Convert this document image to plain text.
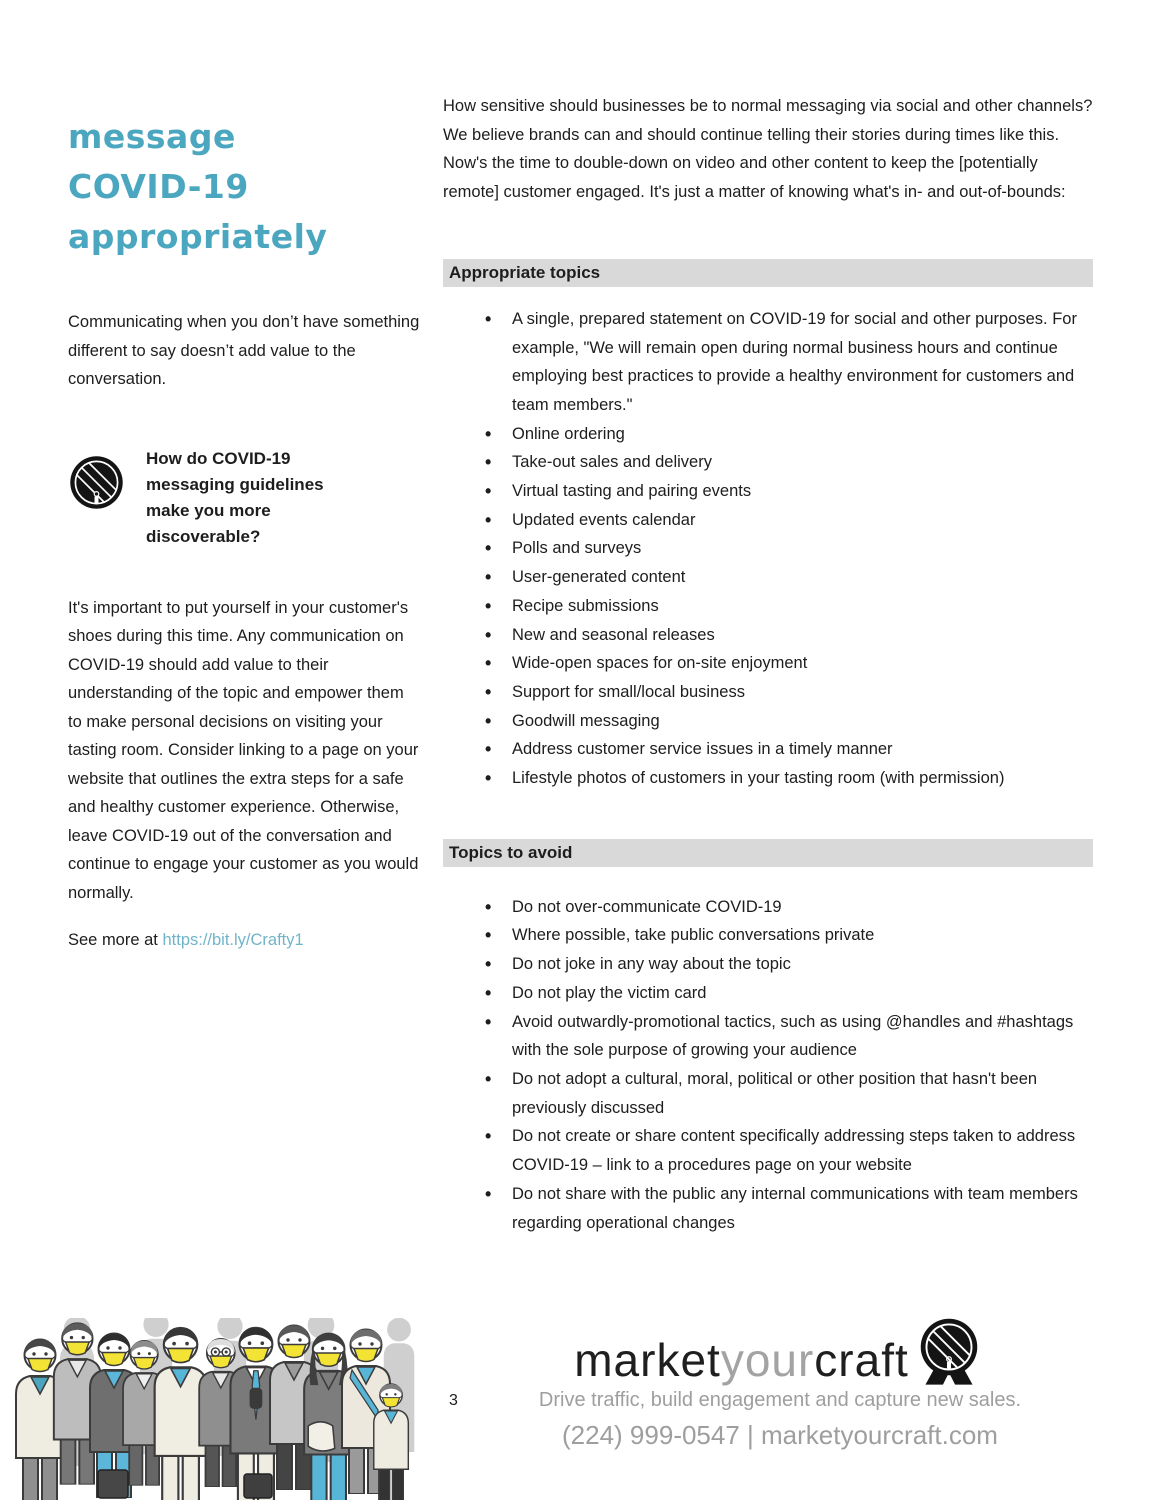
message COVID-19 appropriately

Communicating when you don’t have something different to say doesn’t add value to the conversation.

How do COVID-19 messaging guidelines make you more discoverable?

It's important to put yourself in your customer's shoes during this time. Any communication on COVID-19 should add value to their understanding of the topic and empower them to make personal decisions on visiting your tasting room. Consider linking to a page on your website that outlines the extra steps for a safe and healthy customer experience. Otherwise, leave COVID-19 out of the conversation and continue to engage your customer as you would normally.

See more at https://bit.ly/Crafty1

How sensitive should businesses be to normal messaging via social and other channels? We believe brands can and should continue telling their stories during times like this. Now's the time to double-down on video and other content to keep the [potentially remote] customer engaged. It's just a matter of knowing what's in- and out-of-bounds:

Appropriate topics
• A single, prepared statement on COVID-19 for social and other purposes. For example, "We will remain open during normal business hours and continue employing best practices to provide a healthy environment for customers and team members."
• Online ordering
• Take-out sales and delivery
• Virtual tasting and pairing events
• Updated events calendar
• Polls and surveys
• User-generated content
• Recipe submissions
• New and seasonal releases
• Wide-open spaces for on-site enjoyment
• Support for small/local business
• Goodwill messaging
• Address customer service issues in a timely manner
• Lifestyle photos of customers in your tasting room (with permission)
Topics to avoid
• Do not over-communicate COVID-19
• Where possible, take public conversations private
• Do not joke in any way about the topic
• Do not play the victim card
• Avoid outwardly-promotional tactics, such as using @handles and #hashtags with the sole purpose of growing your audience
• Do not adopt a cultural, moral, political or other position that hasn't been previously discussed
• Do not create or share content specifically addressing steps taken to address COVID-19 – link to a procedures page on your website
• Do not share with the public any internal communications with team members regarding operational changes
3
marketyourcraft
Drive traffic, build engagement and capture new sales.
(224) 999-0547 | marketyourcraft.com
